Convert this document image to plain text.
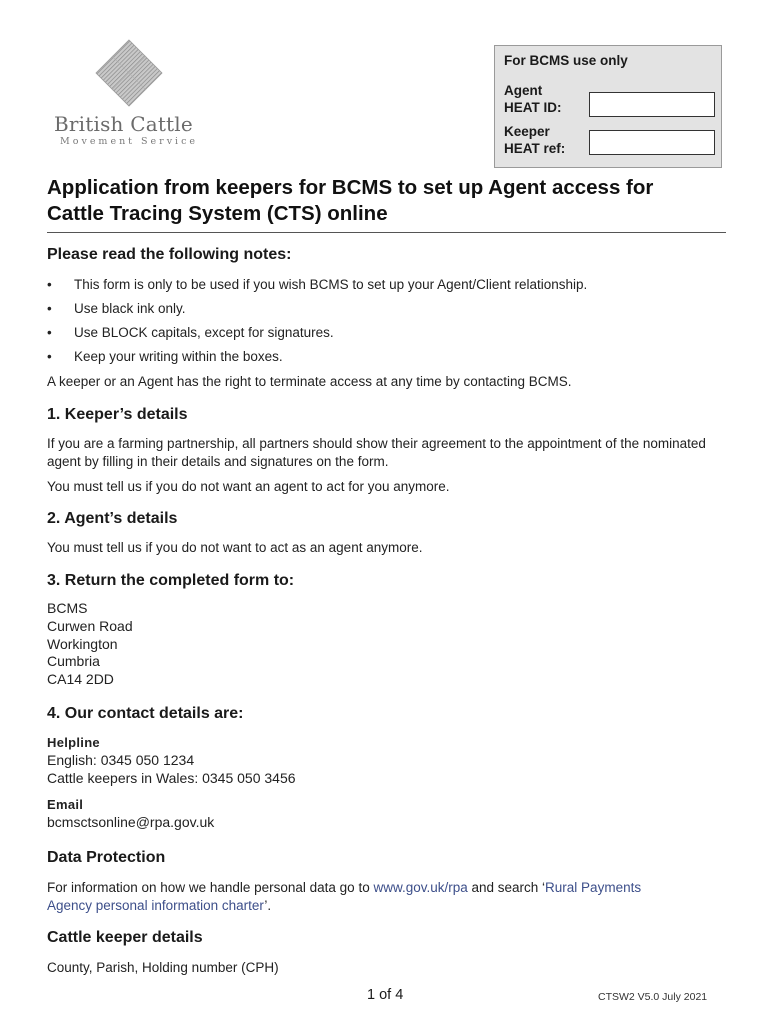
British Cattle
Movement Service
For BCMS use only
Agent
HEAT ID:
Keeper
HEAT ref:
Application from keepers for BCMS to set up Agent access for
Cattle Tracing System (CTS) online
Please read the following notes:
• This form is only to be used if you wish BCMS to set up your Agent/Client relationship.
• Use black ink only.
• Use BLOCK capitals, except for signatures.
• Keep your writing within the boxes.
A keeper or an Agent has the right to terminate access at any time by contacting BCMS.
1. Keeper’s details
If you are a farming partnership, all partners should show their agreement to the appointment of the nominated agent by filling in their details and signatures on the form.
You must tell us if you do not want an agent to act for you anymore.
2. Agent’s details
You must tell us if you do not want to act as an agent anymore.
3. Return the completed form to:
BCMS
Curwen Road
Workington
Cumbria
CA14 2DD
4. Our contact details are:
Helpline
English: 0345 050 1234
Cattle keepers in Wales: 0345 050 3456
Email
bcmsctsonline@rpa.gov.uk
Data Protection
For information on how we handle personal data go to www.gov.uk/rpa and search ‘Rural Payments Agency personal information charter’.
Cattle keeper details
County, Parish, Holding number (CPH)
1 of 4	CTSW2 V5.0 July 2021
